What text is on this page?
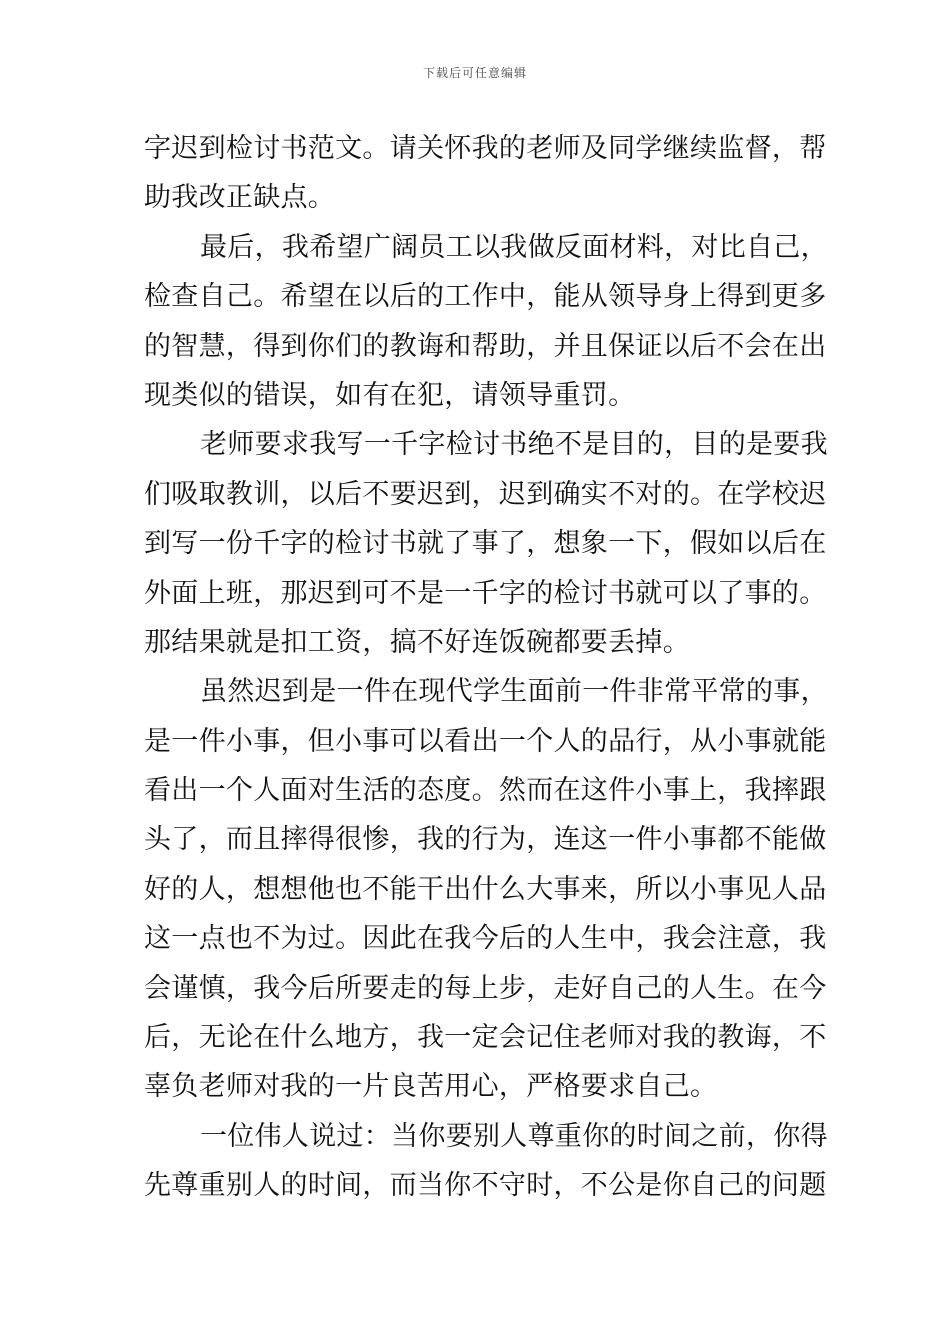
下载后可任意编辑
字迟到检讨书范文。请关怀我的老师及同学继续监督，帮
助我改正缺点。
最后，我希望广阔员工以我做反面材料，对比自己，
检查自己。希望在以后的工作中，能从领导身上得到更多
的智慧，得到你们的教诲和帮助，并且保证以后不会在出
现类似的错误，如有在犯，请领导重罚。
老师要求我写一千字检讨书绝不是目的，目的是要我
们吸取教训，以后不要迟到，迟到确实不对的。在学校迟
到写一份千字的检讨书就了事了，想象一下，假如以后在
外面上班，那迟到可不是一千字的检讨书就可以了事的。
那结果就是扣工资，搞不好连饭碗都要丢掉。
虽然迟到是一件在现代学生面前一件非常平常的事，
是一件小事，但小事可以看出一个人的品行，从小事就能
看出一个人面对生活的态度。然而在这件小事上，我摔跟
头了，而且摔得很惨，我的行为，连这一件小事都不能做
好的人，想想他也不能干出什么大事来，所以小事见人品
这一点也不为过。因此在我今后的人生中，我会注意，我
会谨慎，我今后所要走的每上步，走好自己的人生。在今
后，无论在什么地方，我一定会记住老师对我的教诲，不
辜负老师对我的一片良苦用心，严格要求自己。
一位伟人说过：当你要别人尊重你的时间之前，你得
先尊重别人的时间，而当你不守时，不公是你自己的问题
